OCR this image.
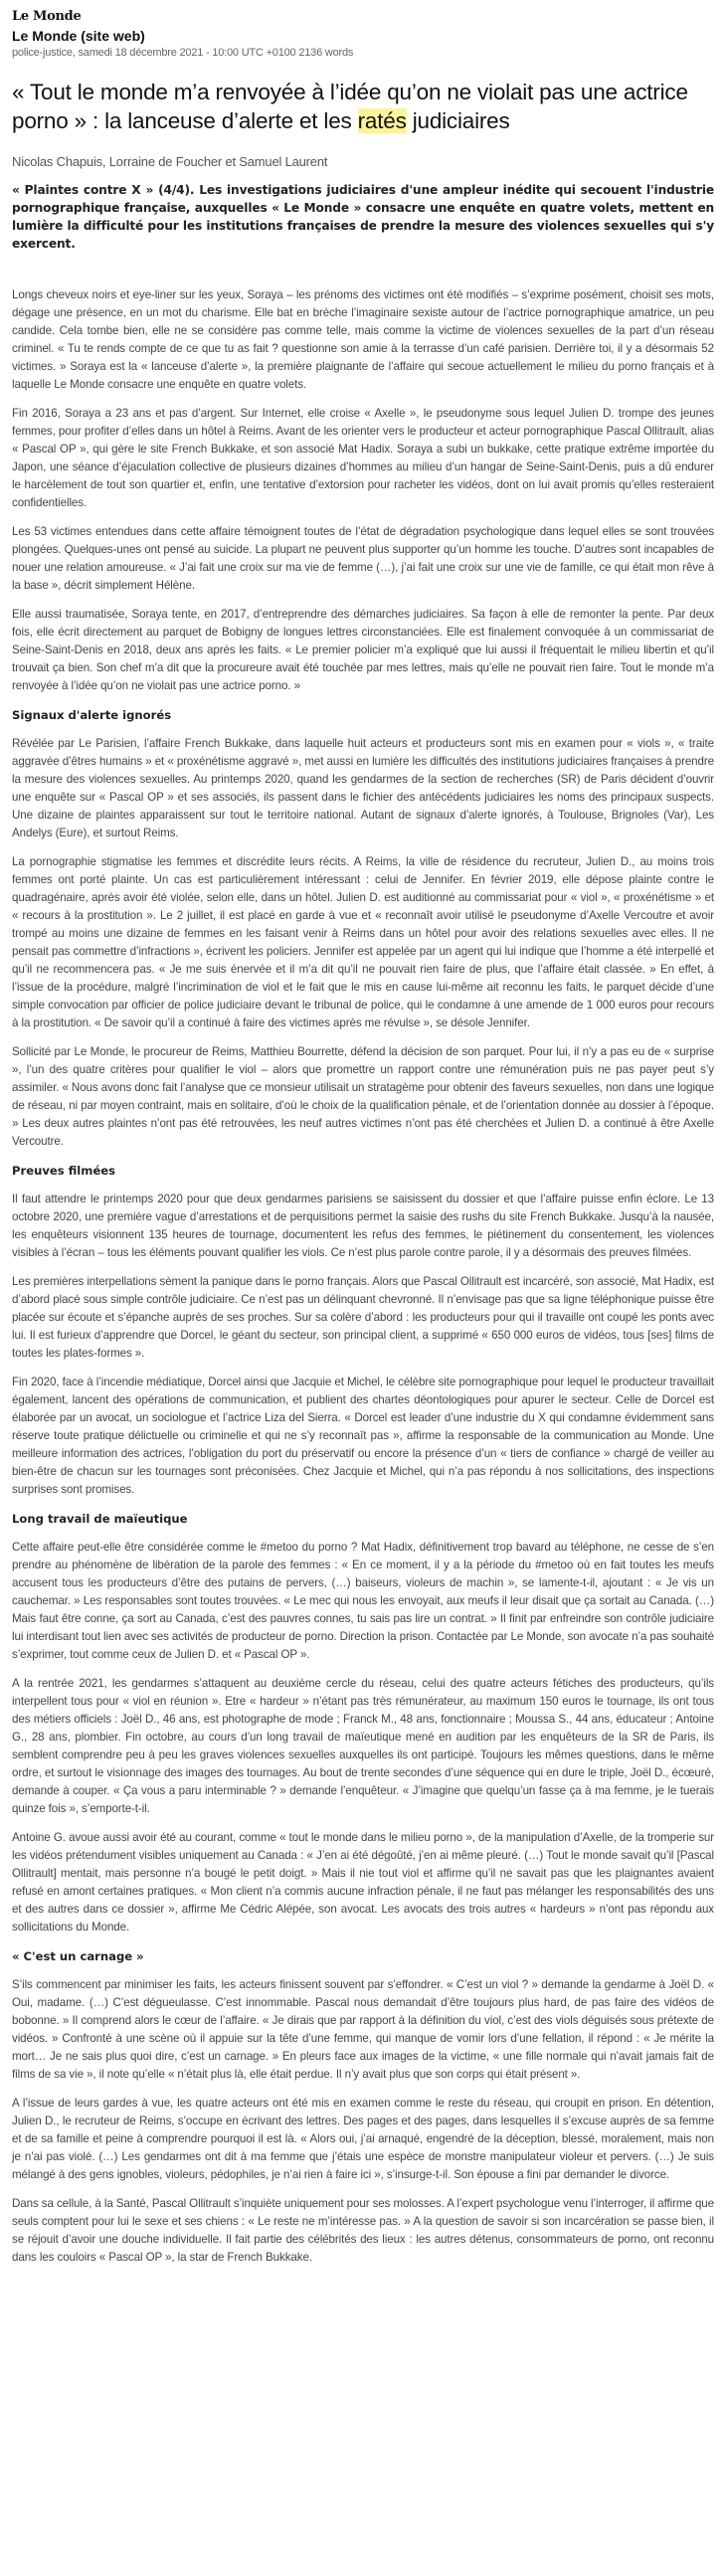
Le Monde
Le Monde (site web)
police-justice, samedi 18 décembre 2021 - 10:00 UTC +0100 2136 words
« Tout le monde m’a renvoyée à l’idée qu’on ne violait pas une actrice porno » : la lanceuse d’alerte et les ratés judiciaires
Nicolas Chapuis, Lorraine de Foucher et Samuel Laurent
« Plaintes contre X » (4/4). Les investigations judiciaires d'une ampleur inédite qui secouent l'industrie pornographique française, auxquelles « Le Monde » consacre une enquête en quatre volets, mettent en lumière la difficulté pour les institutions françaises de prendre la mesure des violences sexuelles qui s'y exercent.

Longs cheveux noirs et eye-liner sur les yeux, Soraya – les prénoms des victimes ont été modifiés – s’exprime posément, choisit ses mots, dégage une présence, en un mot du charisme. Elle bat en brèche l’imaginaire sexiste autour de l’actrice pornographique amatrice, un peu candide. Cela tombe bien, elle ne se considère pas comme telle, mais comme la victime de violences sexuelles de la part d’un réseau criminel. « Tu te rends compte de ce que tu as fait ? questionne son amie à la terrasse d’un café parisien. Derrière toi, il y a désormais 52 victimes. » Soraya est la « lanceuse d’alerte », la première plaignante de l’affaire qui secoue actuellement le milieu du porno français et à laquelle Le Monde consacre une enquête en quatre volets.

Fin 2016, Soraya a 23 ans et pas d’argent. Sur Internet, elle croise « Axelle », le pseudonyme sous lequel Julien D. trompe des jeunes femmes, pour profiter d’elles dans un hôtel à Reims. Avant de les orienter vers le producteur et acteur pornographique Pascal Ollitrault, alias « Pascal OP », qui gère le site French Bukkake, et son associé Mat Hadix. Soraya a subi un bukkake, cette pratique extrême importée du Japon, une séance d’éjaculation collective de plusieurs dizaines d’hommes au milieu d’un hangar de Seine-Saint-Denis, puis a dû endurer le harcèlement de tout son quartier et, enfin, une tentative d’extorsion pour racheter les vidéos, dont on lui avait promis qu’elles resteraient confidentielles.

Les 53 victimes entendues dans cette affaire témoignent toutes de l’état de dégradation psychologique dans lequel elles se sont trouvées plongées. Quelques-unes ont pensé au suicide. La plupart ne peuvent plus supporter qu’un homme les touche. D’autres sont incapables de nouer une relation amoureuse. « J’ai fait une croix sur ma vie de femme (…), j’ai fait une croix sur une vie de famille, ce qui était mon rêve à la base », décrit simplement Hélène.

Elle aussi traumatisée, Soraya tente, en 2017, d’entreprendre des démarches judiciaires. Sa façon à elle de remonter la pente. Par deux fois, elle écrit directement au parquet de Bobigny de longues lettres circonstanciées. Elle est finalement convoquée à un commissariat de Seine-Saint-Denis en 2018, deux ans après les faits. « Le premier policier m’a expliqué que lui aussi il fréquentait le milieu libertin et qu’il trouvait ça bien. Son chef m’a dit que la procureure avait été touchée par mes lettres, mais qu’elle ne pouvait rien faire. Tout le monde m’a renvoyée à l’idée qu’on ne violait pas une actrice porno. »

Signaux d'alerte ignorés

Révélée par Le Parisien, l’affaire French Bukkake, dans laquelle huit acteurs et producteurs sont mis en examen pour « viols », « traite aggravée d’êtres humains » et « proxénétisme aggravé », met aussi en lumière les difficultés des institutions judiciaires françaises à prendre la mesure des violences sexuelles. Au printemps 2020, quand les gendarmes de la section de recherches (SR) de Paris décident d’ouvrir une enquête sur « Pascal OP » et ses associés, ils passent dans le fichier des antécédents judiciaires les noms des principaux suspects. Une dizaine de plaintes apparaissent sur tout le territoire national. Autant de signaux d’alerte ignorés, à Toulouse, Brignoles (Var), Les Andelys (Eure), et surtout Reims.

La pornographie stigmatise les femmes et discrédite leurs récits. A Reims, la ville de résidence du recruteur, Julien D., au moins trois femmes ont porté plainte. Un cas est particulièrement intéressant : celui de Jennifer. En février 2019, elle dépose plainte contre le quadragénaire, après avoir été violée, selon elle, dans un hôtel. Julien D. est auditionné au commissariat pour « viol », « proxénétisme » et « recours à la prostitution ». Le 2 juillet, il est placé en garde à vue et « reconnaît avoir utilisé le pseudonyme d’Axelle Vercoutre et avoir trompé au moins une dizaine de femmes en les faisant venir à Reims dans un hôtel pour avoir des relations sexuelles avec elles. Il ne pensait pas commettre d’infractions », écrivent les policiers. Jennifer est appelée par un agent qui lui indique que l’homme a été interpellé et qu’il ne recommencera pas. « Je me suis énervée et il m’a dit qu’il ne pouvait rien faire de plus, que l’affaire était classée. » En effet, à l’issue de la procédure, malgré l’incrimination de viol et le fait que le mis en cause lui-même ait reconnu les faits, le parquet décide d’une simple convocation par officier de police judiciaire devant le tribunal de police, qui le condamne à une amende de 1 000 euros pour recours à la prostitution. « De savoir qu’il a continué à faire des victimes après me révulse », se désole Jennifer.

Sollicité par Le Monde, le procureur de Reims, Matthieu Bourrette, défend la décision de son parquet. Pour lui, il n’y a pas eu de « surprise », l’un des quatre critères pour qualifier le viol – alors que promettre un rapport contre une rémunération puis ne pas payer peut s’y assimiler. « Nous avons donc fait l’analyse que ce monsieur utilisait un stratagème pour obtenir des faveurs sexuelles, non dans une logique de réseau, ni par moyen contraint, mais en solitaire, d’où le choix de la qualification pénale, et de l’orientation donnée au dossier à l’époque. » Les deux autres plaintes n’ont pas été retrouvées, les neuf autres victimes n’ont pas été cherchées et Julien D. a continué à être Axelle Vercoutre.

Preuves filmées

Il faut attendre le printemps 2020 pour que deux gendarmes parisiens se saisissent du dossier et que l’affaire puisse enfin éclore. Le 13 octobre 2020, une première vague d’arrestations et de perquisitions permet la saisie des rushs du site French Bukkake. Jusqu’à la nausée, les enquêteurs visionnent 135 heures de tournage, documentent les refus des femmes, le piétinement du consentement, les violences visibles à l’écran – tous les éléments pouvant qualifier les viols. Ce n’est plus parole contre parole, il y a désormais des preuves filmées.

Les premières interpellations sèment la panique dans le porno français. Alors que Pascal Ollitrault est incarcéré, son associé, Mat Hadix, est d’abord placé sous simple contrôle judiciaire. Ce n’est pas un délinquant chevronné. Il n’envisage pas que sa ligne téléphonique puisse être placée sur écoute et s’épanche auprès de ses proches. Sur sa colère d’abord : les producteurs pour qui il travaille ont coupé les ponts avec lui. Il est furieux d’apprendre que Dorcel, le géant du secteur, son principal client, a supprimé « 650 000 euros de vidéos, tous [ses] films de toutes les plates-formes ».

Fin 2020, face à l’incendie médiatique, Dorcel ainsi que Jacquie et Michel, le célèbre site pornographique pour lequel le producteur travaillait également, lancent des opérations de communication, et publient des chartes déontologiques pour apurer le secteur. Celle de Dorcel est élaborée par un avocat, un sociologue et l’actrice Liza del Sierra. « Dorcel est leader d’une industrie du X qui condamne évidemment sans réserve toute pratique délictuelle ou criminelle et qui ne s’y reconnaît pas », affirme la responsable de la communication au Monde. Une meilleure information des actrices, l’obligation du port du préservatif ou encore la présence d’un « tiers de confiance » chargé de veiller au bien-être de chacun sur les tournages sont préconisées. Chez Jacquie et Michel, qui n’a pas répondu à nos sollicitations, des inspections surprises sont promises.

Long travail de maïeutique

Cette affaire peut-elle être considérée comme le #metoo du porno ? Mat Hadix, définitivement trop bavard au téléphone, ne cesse de s’en prendre au phénomène de libération de la parole des femmes : « En ce moment, il y a la période du #metoo où en fait toutes les meufs accusent tous les producteurs d’être des putains de pervers, (…) baiseurs, violeurs de machin », se lamente-t-il, ajoutant : « Je vis un cauchemar. » Les responsables sont toutes trouvées. « Le mec qui nous les envoyait, aux meufs il leur disait que ça sortait au Canada. (…) Mais faut être conne, ça sort au Canada, c’est des pauvres connes, tu sais pas lire un contrat. » Il finit par enfreindre son contrôle judiciaire lui interdisant tout lien avec ses activités de producteur de porno. Direction la prison. Contactée par Le Monde, son avocate n’a pas souhaité s’exprimer, tout comme ceux de Julien D. et « Pascal OP ».

A la rentrée 2021, les gendarmes s’attaquent au deuxième cercle du réseau, celui des quatre acteurs fétiches des producteurs, qu’ils interpellent tous pour « viol en réunion ». Etre « hardeur » n’étant pas très rémunérateur, au maximum 150 euros le tournage, ils ont tous des métiers officiels : Joël D., 46 ans, est photographe de mode ; Franck M., 48 ans, fonctionnaire ; Moussa S., 44 ans, éducateur ; Antoine G., 28 ans, plombier. Fin octobre, au cours d’un long travail de maïeutique mené en audition par les enquêteurs de la SR de Paris, ils semblent comprendre peu à peu les graves violences sexuelles auxquelles ils ont participé. Toujours les mêmes questions, dans le même ordre, et surtout le visionnage des images des tournages. Au bout de trente secondes d’une séquence qui en dure le triple, Joël D., écœuré, demande à couper. « Ça vous a paru interminable ? » demande l’enquêteur. « J’imagine que quelqu’un fasse ça à ma femme, je le tuerais quinze fois », s’emporte-t-il.

Antoine G. avoue aussi avoir été au courant, comme « tout le monde dans le milieu porno », de la manipulation d’Axelle, de la tromperie sur les vidéos prétendument visibles uniquement au Canada : « J’en ai été dégoûté, j’en ai même pleuré. (…) Tout le monde savait qu’il [Pascal Ollitrault] mentait, mais personne n’a bougé le petit doigt. » Mais il nie tout viol et affirme qu’il ne savait pas que les plaignantes avaient refusé en amont certaines pratiques. « Mon client n’a commis aucune infraction pénale, il ne faut pas mélanger les responsabilités des uns et des autres dans ce dossier », affirme Me Cédric Alépée, son avocat. Les avocats des trois autres « hardeurs » n’ont pas répondu aux sollicitations du Monde.

« C'est un carnage »

S’ils commencent par minimiser les faits, les acteurs finissent souvent par s’effondrer. « C’est un viol ? » demande la gendarme à Joël D. « Oui, madame. (…) C’est dégueulasse. C’est innommable. Pascal nous demandait d’être toujours plus hard, de pas faire des vidéos de bobonne. » Il comprend alors le cœur de l’affaire. « Je dirais que par rapport à la définition du viol, c’est des viols déguisés sous prétexte de vidéos. » Confronté à une scène où il appuie sur la tête d’une femme, qui manque de vomir lors d’une fellation, il répond : « Je mérite la mort… Je ne sais plus quoi dire, c’est un carnage. » En pleurs face aux images de la victime, « une fille normale qui n’avait jamais fait de films de sa vie », il note qu’elle « n’était plus là, elle était perdue. Il n’y avait plus que son corps qui était présent ».

A l’issue de leurs gardes à vue, les quatre acteurs ont été mis en examen comme le reste du réseau, qui croupit en prison. En détention, Julien D., le recruteur de Reims, s’occupe en écrivant des lettres. Des pages et des pages, dans lesquelles il s’excuse auprès de sa femme et de sa famille et peine à comprendre pourquoi il est là. « Alors oui, j’ai arnaqué, engendré de la déception, blessé, moralement, mais non je n’ai pas violé. (…) Les gendarmes ont dit à ma femme que j’étais une espèce de monstre manipulateur violeur et pervers. (…) Je suis mélangé à des gens ignobles, violeurs, pédophiles, je n’ai rien à faire ici », s’insurge-t-il. Son épouse a fini par demander le divorce.

Dans sa cellule, à la Santé, Pascal Ollitrault s’inquiète uniquement pour ses molosses. A l’expert psychologue venu l’interroger, il affirme que seuls comptent pour lui le sexe et ses chiens : « Le reste ne m’intéresse pas. » A la question de savoir si son incarcération se passe bien, il se réjouit d’avoir une douche individuelle. Il fait partie des célébrités des lieux : les autres détenus, consommateurs de porno, ont reconnu dans les couloirs « Pascal OP », la star de French Bukkake.
